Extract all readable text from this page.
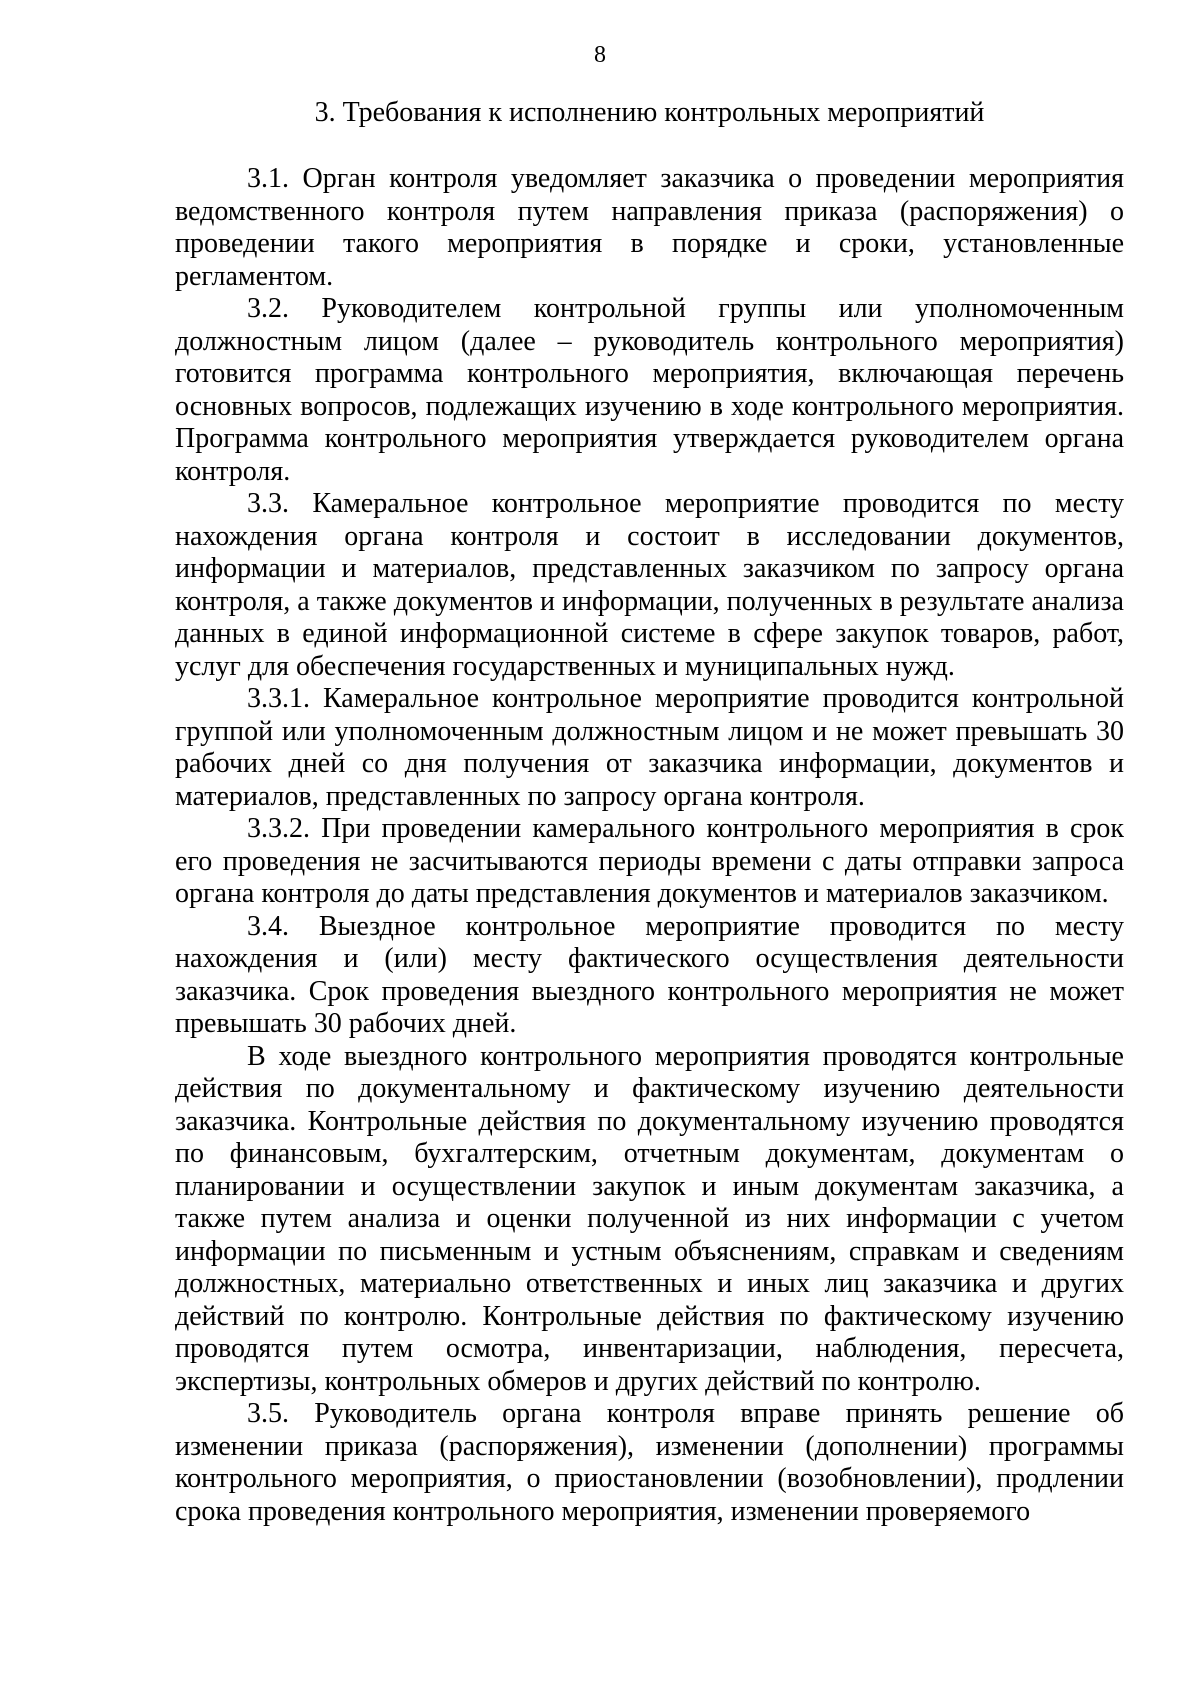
8
3. Требования к исполнению контрольных мероприятий

3.1. Орган контроля уведомляет заказчика о проведении мероприятия ведомственного контроля путем направления приказа (распоряжения) о проведении такого мероприятия в порядке и сроки, установленные регламентом.

3.2. Руководителем контрольной группы или уполномоченным должностным лицом (далее – руководитель контрольного мероприятия) готовится программа контрольного мероприятия, включающая перечень основных вопросов, подлежащих изучению в ходе контрольного мероприятия. Программа контрольного мероприятия утверждается руководителем органа контроля.

3.3. Камеральное контрольное мероприятие проводится по месту нахождения органа контроля и состоит в исследовании документов, информации и материалов, представленных заказчиком по запросу органа контроля, а также документов и информации, полученных в результате анализа данных в единой информационной системе в сфере закупок товаров, работ, услуг для обеспечения государственных и муниципальных нужд.

3.3.1. Камеральное контрольное мероприятие проводится контрольной группой или уполномоченным должностным лицом и не может превышать 30 рабочих дней со дня получения от заказчика информации, документов и материалов, представленных по запросу органа контроля.

3.3.2. При проведении камерального контрольного мероприятия в срок его проведения не засчитываются периоды времени с даты отправки запроса органа контроля до даты представления документов и материалов заказчиком.

3.4. Выездное контрольное мероприятие проводится по месту нахождения и (или) месту фактического осуществления деятельности заказчика. Срок проведения выездного контрольного мероприятия не может превышать 30 рабочих дней.

В ходе выездного контрольного мероприятия проводятся контрольные действия по документальному и фактическому изучению деятельности заказчика. Контрольные действия по документальному изучению проводятся по финансовым, бухгалтерским, отчетным документам, документам о планировании и осуществлении закупок и иным документам заказчика, а также путем анализа и оценки полученной из них информации с учетом информации по письменным и устным объяснениям, справкам и сведениям должностных, материально ответственных и иных лиц заказчика и других действий по контролю. Контрольные действия по фактическому изучению проводятся путем осмотра, инвентаризации, наблюдения, пересчета, экспертизы, контрольных обмеров и других действий по контролю.

3.5. Руководитель органа контроля вправе принять решение об изменении приказа (распоряжения), изменении (дополнении) программы контрольного мероприятия, о приостановлении (возобновлении), продлении срока проведения контрольного мероприятия, изменении проверяемого
